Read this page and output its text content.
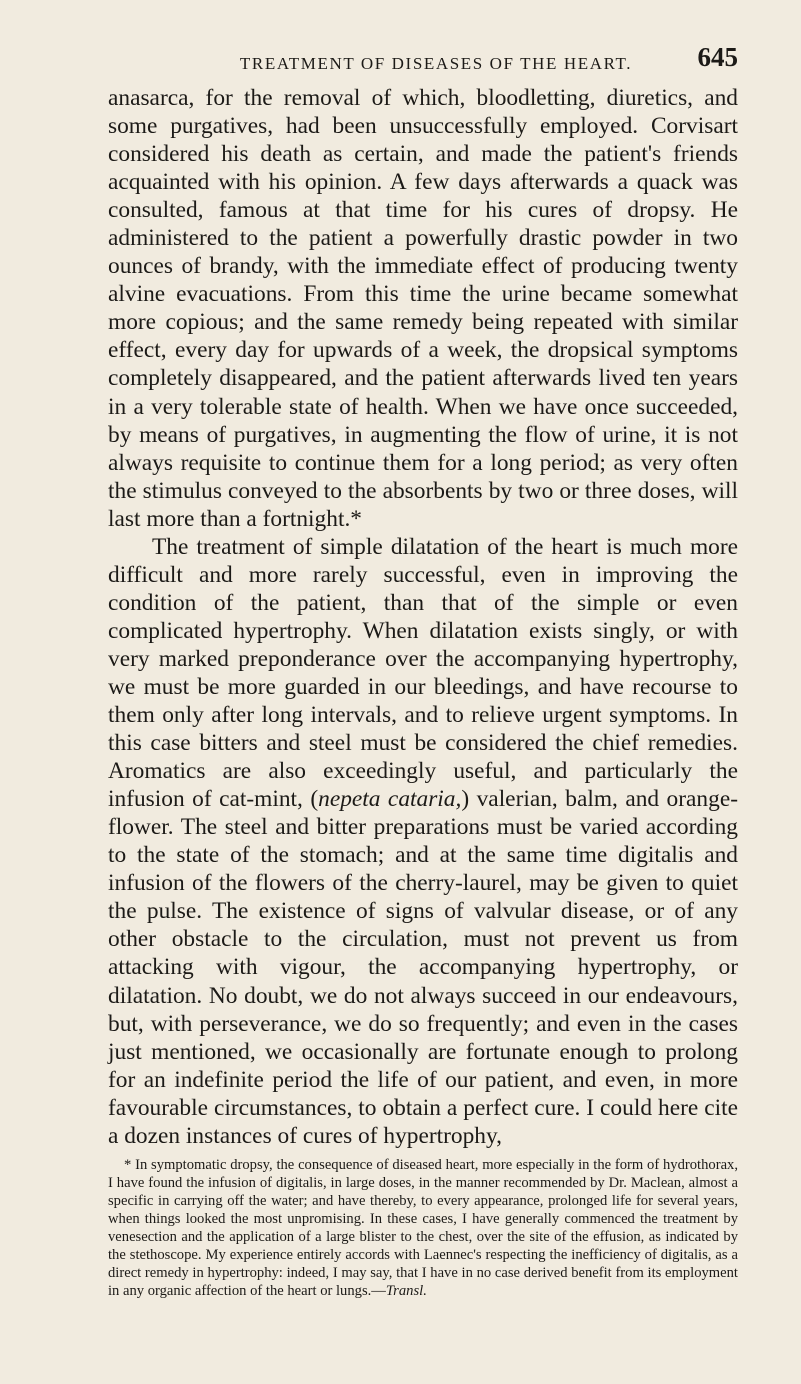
TREATMENT OF DISEASES OF THE HEART.	645

anasarca, for the removal of which, bloodletting, diuretics, and some purgatives, had been unsuccessfully employed. Corvisart considered his death as certain, and made the patient's friends acquainted with his opinion. A few days afterwards a quack was consulted, famous at that time for his cures of dropsy. He administered to the patient a powerfully drastic powder in two ounces of brandy, with the immediate effect of producing twenty alvine evacuations. From this time the urine became somewhat more copious; and the same remedy being repeated with similar effect, every day for upwards of a week, the dropsical symptoms completely disappeared, and the patient afterwards lived ten years in a very tolerable state of health. When we have once succeeded, by means of purgatives, in augmenting the flow of urine, it is not always requisite to continue them for a long period; as very often the stimulus conveyed to the absorbents by two or three doses, will last more than a fortnight.*

The treatment of simple dilatation of the heart is much more difficult and more rarely successful, even in improving the condition of the patient, than that of the simple or even complicated hypertrophy. When dilatation exists singly, or with very marked preponderance over the accompanying hypertrophy, we must be more guarded in our bleedings, and have recourse to them only after long intervals, and to relieve urgent symptoms. In this case bitters and steel must be considered the chief remedies. Aromatics are also exceedingly useful, and particularly the infusion of cat-mint, (nepeta cataria,) valerian, balm, and orange-flower. The steel and bitter preparations must be varied according to the state of the stomach; and at the same time digitalis and infusion of the flowers of the cherry-laurel, may be given to quiet the pulse. The existence of signs of valvular disease, or of any other obstacle to the circulation, must not prevent us from attacking with vigour, the accompanying hypertrophy, or dilatation. No doubt, we do not always succeed in our endeavours, but, with perseverance, we do so frequently; and even in the cases just mentioned, we occasionally are fortunate enough to prolong for an indefinite period the life of our patient, and even, in more favourable circumstances, to obtain a perfect cure. I could here cite a dozen instances of cures of hypertrophy,

* In symptomatic dropsy, the consequence of diseased heart, more especially in the form of hydrothorax, I have found the infusion of digitalis, in large doses, in the manner recommended by Dr. Maclean, almost a specific in carrying off the water; and have thereby, to every appearance, prolonged life for several years, when things looked the most unpromising. In these cases, I have generally commenced the treatment by venesection and the application of a large blister to the chest, over the site of the effusion, as indicated by the stethoscope. My experience entirely accords with Laennec's respecting the inefficiency of digitalis, as a direct remedy in hypertrophy: indeed, I may say, that I have in no case derived benefit from its employment in any organic affection of the heart or lungs.—Transl.
